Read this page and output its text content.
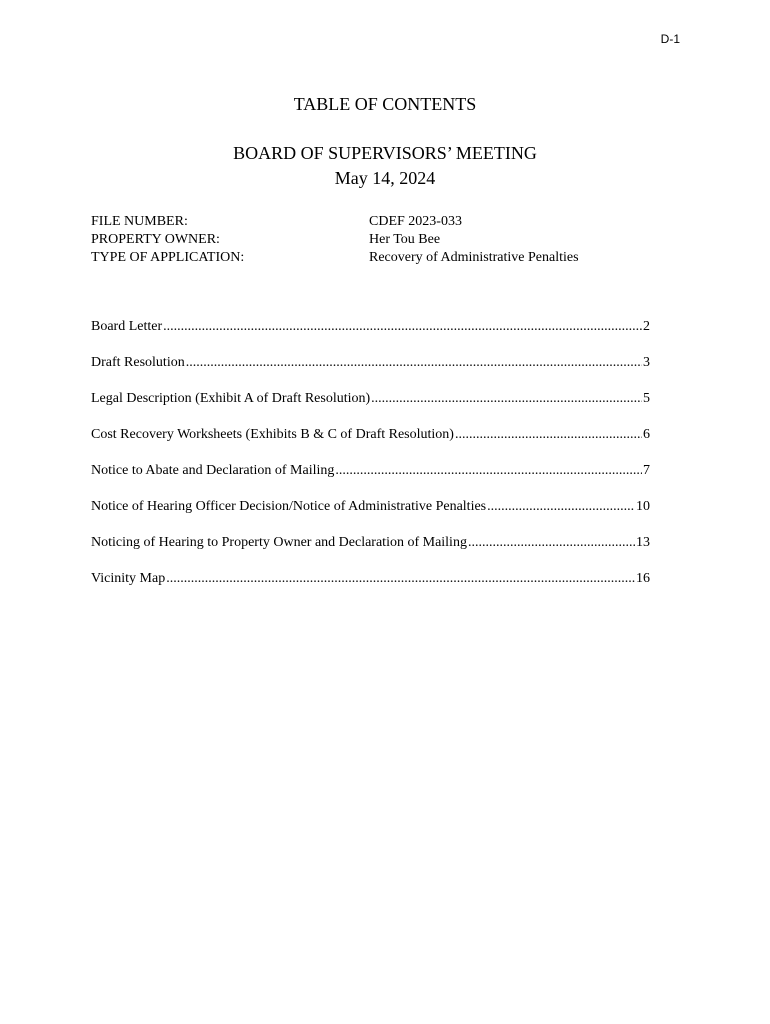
D-1
TABLE OF CONTENTS
BOARD OF SUPERVISORS’ MEETING
May 14, 2024
FILE NUMBER:	CDEF 2023-033
PROPERTY OWNER:	Her Tou Bee
TYPE OF APPLICATION:	Recovery of Administrative Penalties
Board Letter .....	2
Draft Resolution .....	3
Legal Description (Exhibit A of Draft Resolution) .....	5
Cost Recovery Worksheets (Exhibits B & C of Draft Resolution) .....	6
Notice to Abate and Declaration of Mailing .....	7
Notice of Hearing Officer Decision/Notice of Administrative Penalties .....	10
Noticing of Hearing to Property Owner and Declaration of Mailing .....	13
Vicinity Map .....	16
